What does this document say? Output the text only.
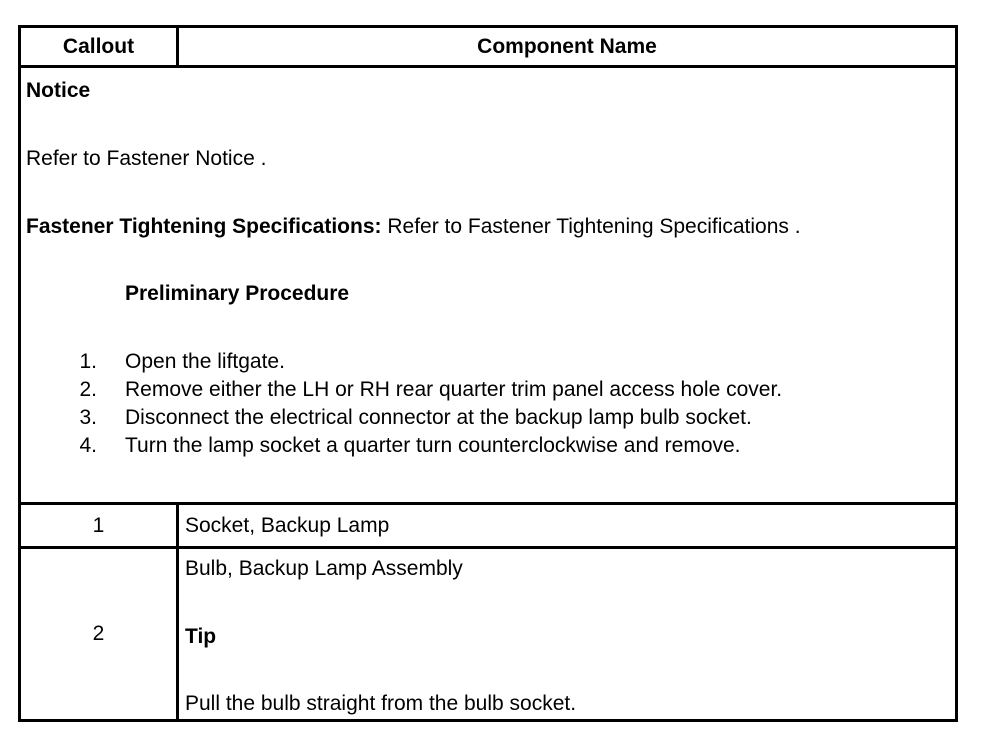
Callout	Component Name
Notice
Refer to Fastener Notice .
Fastener Tightening Specifications: Refer to Fastener Tightening Specifications .
Preliminary Procedure
1. Open the liftgate.
2. Remove either the LH or RH rear quarter trim panel access hole cover.
3. Disconnect the electrical connector at the backup lamp bulb socket.
4. Turn the lamp socket a quarter turn counterclockwise and remove.
1	Socket, Backup Lamp
2
Bulb, Backup Lamp Assembly
Tip
Pull the bulb straight from the bulb socket.
